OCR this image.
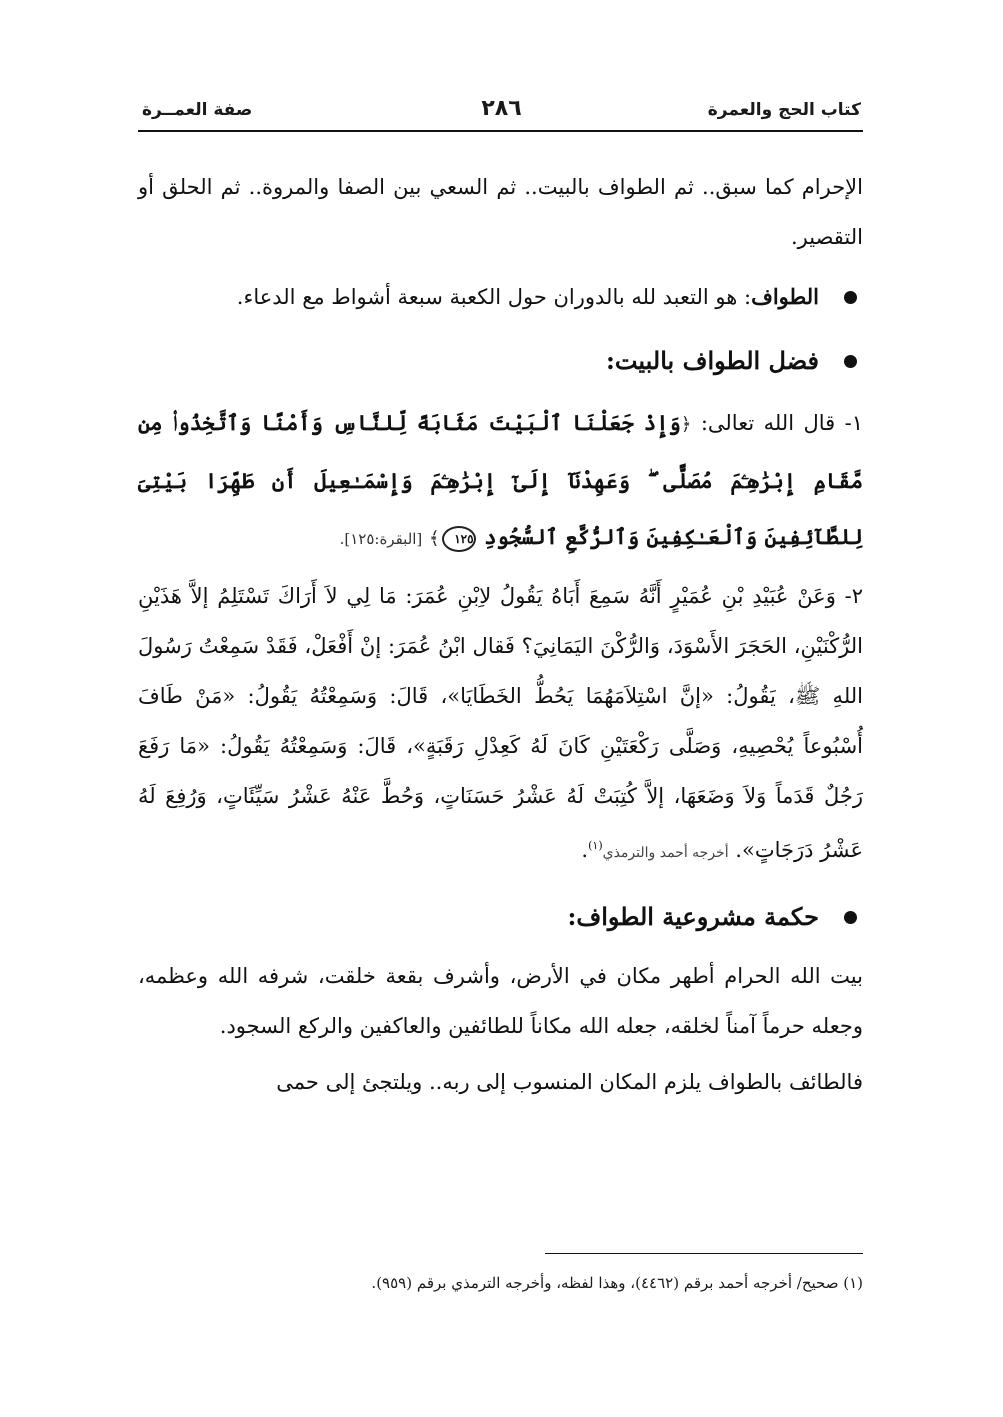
كتاب الحج والعمرة
٢٨٦
صفة العمــرة

الإحرام كما سبق.. ثم الطواف بالبيت.. ثم السعي بين الصفا والمروة.. ثم الحلق أو التقصير.

الطواف: هو التعبد لله بالدوران حول الكعبة سبعة أشواط مع الدعاء.

فضل الطواف بالبيت:

١- قال الله تعالى: ﴿وَإِذْ جَعَلْنَا ٱلْبَيْتَ مَثَابَةً لِّلنَّاسِ وَأَمْنًا وَٱتَّخِذُوا۟ مِن مَّقَامِ إِبْرَٰهِـۧمَ مُصَلًّى ۖ وَعَهِدْنَآ إِلَىٰٓ إِبْرَٰهِـۧمَ وَإِسْمَـٰعِيلَ أَن طَهِّرَا بَيْتِىَ لِلطَّآئِفِينَ وَٱلْعَـٰكِفِينَ وَٱلرُّكَّعِ ٱلسُّجُودِ ١٢٥﴾ [البقرة:١٢٥].

٢- وَعَنْ عُبَيْدِ بْنِ عُمَيْرٍ أَنَّهُ سَمِعَ أَبَاهُ يَقُولُ لاِبْنِ عُمَرَ: مَا لِي لاَ أَرَاكَ تَسْتَلِمُ إلاَّ هَذَيْنِ الرُّكْنَيْنِ، الحَجَرَ الأَسْوَدَ، وَالرُّكْنَ اليَمَانِيَ؟ فَقال ابْنُ عُمَرَ: إنْ أَفْعَلْ، فَقَدْ سَمِعْتُ رَسُولَ اللهِ ﷺ، يَقُولُ: «إنَّ اسْتِلاَمَهُمَا يَحُطُّ الخَطَايَا»، قَالَ: وَسَمِعْتُهُ يَقُولُ: «مَنْ طَافَ أُسْبُوعاً يُحْصِيهِ، وَصَلَّى رَكْعَتَيْنِ كَانَ لَهُ كَعِدْلِ رَقَبَةٍ»، قَالَ: وَسَمِعْتُهُ يَقُولُ: «مَا رَفَعَ رَجُلٌ قَدَماً وَلاَ وَضَعَهَا، إلاَّ كُتِبَتْ لَهُ عَشْرُ حَسَنَاتٍ، وَحُطَّ عَنْهُ عَشْرُ سَيِّئَاتٍ، وَرُفِعَ لَهُ عَشْرُ دَرَجَاتٍ». أخرجه أحمد والترمذي$^{(١)}$.

حكمة مشروعية الطواف:

بيت الله الحرام أطهر مكان في الأرض، وأشرف بقعة خلقت، شرفه الله وعظمه، وجعله حرماً آمناً لخلقه، جعله الله مكاناً للطائفين والعاكفين والركع السجود.

فالطائف بالطواف يلزم المكان المنسوب إلى ربه.. ويلتجئ إلى حمى

(١) صحيح/ أخرجه أحمد برقم (٤٤٦٢)، وهذا لفظه، وأخرجه الترمذي برقم (٩٥٩).
